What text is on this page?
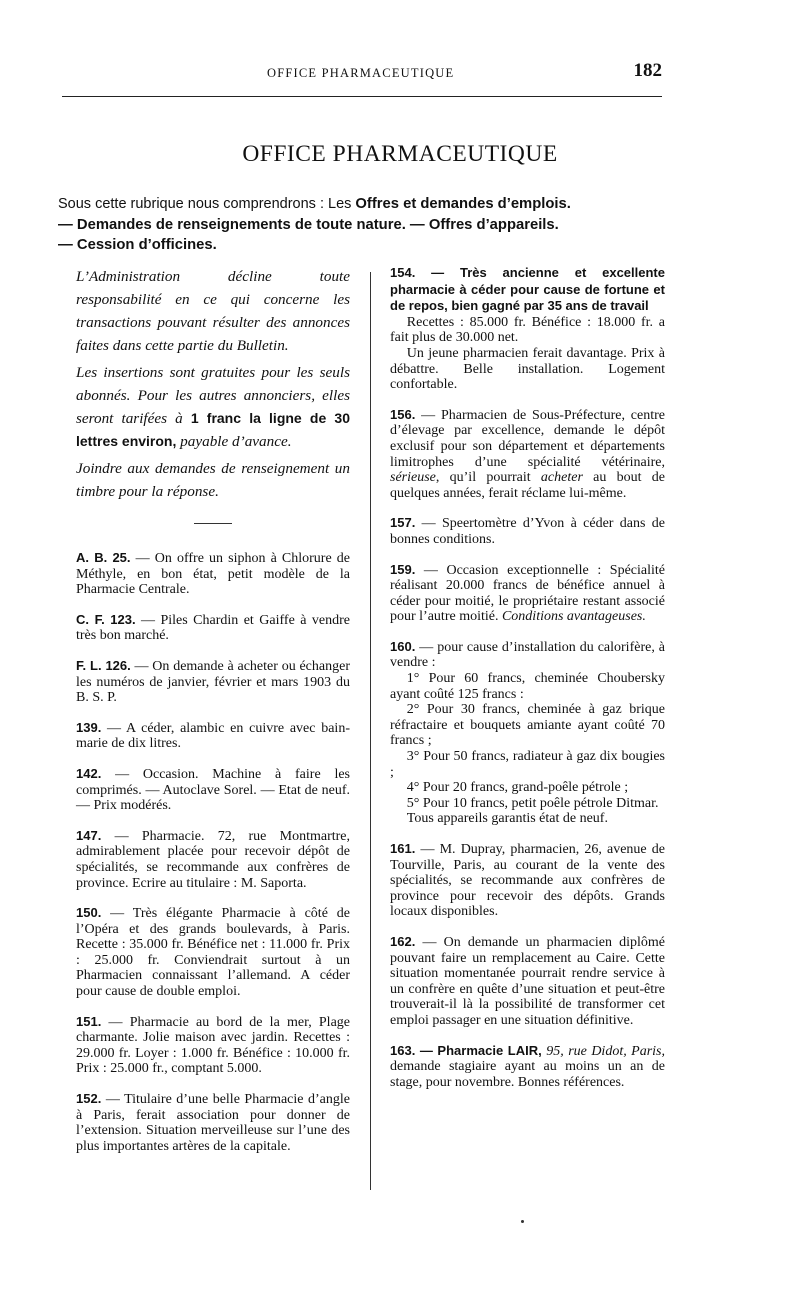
OFFICE PHARMACEUTIQUE	182
OFFICE PHARMACEUTIQUE
Sous cette rubrique nous comprendrons : Les Offres et demandes d’emplois.
— Demandes de renseignements de toute nature. — Offres d’appareils.
— Cession d’officines.

L’Administration décline toute responsabilité en ce qui concerne les transactions pouvant résulter des annonces faites dans cette partie du Bulletin.

Les insertions sont gratuites pour les seuls abonnés. Pour les autres annonciers, elles seront tarifées à 1 franc la ligne de 30 lettres environ, payable d’avance.

Joindre aux demandes de renseignement un timbre pour la réponse.

A. B. 25. — On offre un siphon à Chlorure de Méthyle, en bon état, petit modèle de la Pharmacie Centrale.
C. F. 123. — Piles Chardin et Gaiffe à vendre très bon marché.
F. L. 126. — On demande à acheter ou échanger les numéros de janvier, février et mars 1903 du B. S. P.
139. — A céder, alambic en cuivre avec bain-marie de dix litres.
142. — Occasion. Machine à faire les comprimés. — Autoclave Sorel. — Etat de neuf. — Prix modérés.
147. — Pharmacie. 72, rue Montmartre, admirablement placée pour recevoir dépôt de spécialités, se recommande aux confrères de province. Ecrire au titulaire : M. Saporta.
150. — Très élégante Pharmacie à côté de l’Opéra et des grands boulevards, à Paris. Recette : 35.000 fr. Bénéfice net : 11.000 fr. Prix : 25.000 fr. Conviendrait surtout à un Pharmacien connaissant l’allemand. A céder pour cause de double emploi.
151. — Pharmacie au bord de la mer, Plage charmante. Jolie maison avec jardin. Recettes : 29.000 fr. Loyer : 1.000 fr. Bénéfice : 10.000 fr. Prix : 25.000 fr., comptant 5.000.
152. — Titulaire d’une belle Pharmacie d’angle à Paris, ferait association pour donner de l’extension. Situation merveilleuse sur l’une des plus importantes artères de la capitale.
154. — Très ancienne et excellente pharmacie à céder pour cause de fortune et de repos, bien gagné par 35 ans de travail
Recettes : 85.000 fr. Bénéfice : 18.000 fr. a fait plus de 30.000 net.
Un jeune pharmacien ferait davantage. Prix à débattre. Belle installation. Logement confortable.
156. — Pharmacien de Sous-Préfecture, centre d’élevage par excellence, demande le dépôt exclusif pour son département et départements limitrophes d’une spécialité vétérinaire, sérieuse, qu’il pourrait acheter au bout de quelques années, ferait réclame lui-même.
157. — Speertomètre d’Yvon à céder dans de bonnes conditions.
159. — Occasion exceptionnelle : Spécialité réalisant 20.000 francs de bénéfice annuel à céder pour moitié, le propriétaire restant associé pour l’autre moitié. Conditions avantageuses.
160. — pour cause d’installation du calorifère, à vendre :
1° Pour 60 francs, cheminée Choubersky ayant coûté 125 francs :
2° Pour 30 francs, cheminée à gaz brique réfractaire et bouquets amiante ayant coûté 70 francs ;
3° Pour 50 francs, radiateur à gaz dix bougies ;
4° Pour 20 francs, grand-poêle pétrole ;
5° Pour 10 francs, petit poêle pétrole Ditmar.
Tous appareils garantis état de neuf.
161. — M. Dupray, pharmacien, 26, avenue de Tourville, Paris, au courant de la vente des spécialités, se recommande aux confrères de province pour recevoir des dépôts. Grands locaux disponibles.
162. — On demande un pharmacien diplômé pouvant faire un remplacement au Caire. Cette situation momentanée pourrait rendre service à un confrère en quête d’une situation et peut-être trouverait-il là la possibilité de transformer cet emploi passager en une situation définitive.
163. — Pharmacie LAIR, 95, rue Didot, Paris, demande stagiaire ayant au moins un an de stage, pour novembre. Bonnes références.
